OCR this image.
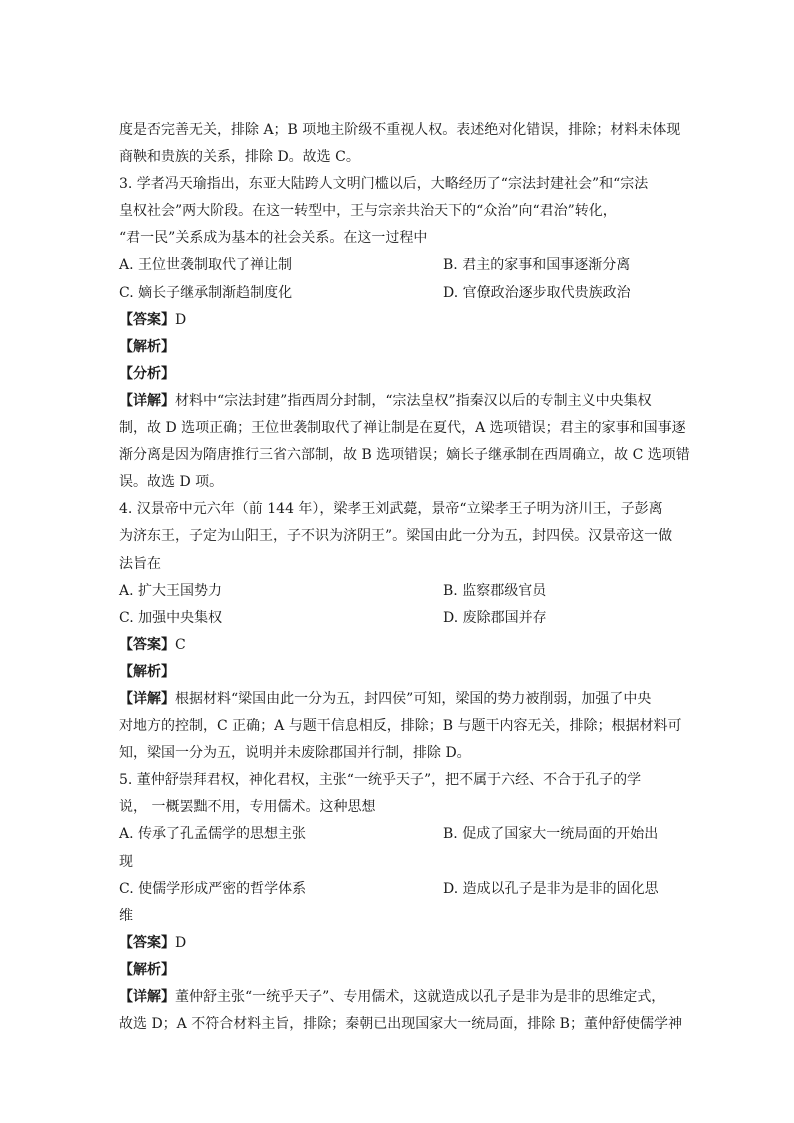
度是否完善无关，排除 A；B 项地主阶级不重视人权。表述绝对化错误，排除；材料未体现
商鞅和贵族的关系，排除 D。故选 C。
3. 学者冯天瑜指出，东亚大陆跨人文明门槛以后，大略经历了“宗法封建社会”和“宗法
皇权社会”两大阶段。在这一转型中，王与宗亲共治天下的“众治”向“君治”转化，
“君一民”关系成为基本的社会关系。在这一过程中
A. 王位世袭制取代了禅让制	B. 君主的家事和国事逐渐分离
C. 嫡长子继承制渐趋制度化	D. 官僚政治逐步取代贵族政治
【答案】D
【解析】
【分析】
【详解】材料中“宗法封建”指西周分封制，“宗法皇权”指秦汉以后的专制主义中央集权
制，故 D 选项正确；王位世袭制取代了禅让制是在夏代，A 选项错误；君主的家事和国事逐
渐分离是因为隋唐推行三省六部制，故 B 选项错误；嫡长子继承制在西周确立，故 C 选项错
误。故选 D 项。
4. 汉景帝中元六年（前 144 年），梁孝王刘武薨，景帝“立梁孝王子明为济川王，子彭离
为济东王，子定为山阳王，子不识为济阴王”。梁国由此一分为五，封四侯。汉景帝这一做
法旨在
A. 扩大王国势力	B. 监察郡级官员
C. 加强中央集权	D. 废除郡国并存
【答案】C
【解析】
【详解】根据材料“梁国由此一分为五，封四侯”可知，梁国的势力被削弱，加强了中央
对地方的控制，C 正确；A 与题干信息相反，排除；B 与题干内容无关，排除；根据材料可
知，梁国一分为五，说明并未废除郡国并行制，排除 D。
5. 董仲舒崇拜君权，神化君权，主张“一统乎天子”，把不属于六经、不合于孔子的学
说， 一概罢黜不用，专用儒术。这种思想
A. 传承了孔孟儒学的思想主张	B. 促成了国家大一统局面的开始出
现
C. 使儒学形成严密的哲学体系	D. 造成以孔子是非为是非的固化思
维
【答案】D
【解析】
【详解】董仲舒主张“一统乎天子”、专用儒术，这就造成以孔子是非为是非的思维定式，
故选 D；A 不符合材料主旨，排除；秦朝已出现国家大一统局面，排除 B；董仲舒使儒学神
